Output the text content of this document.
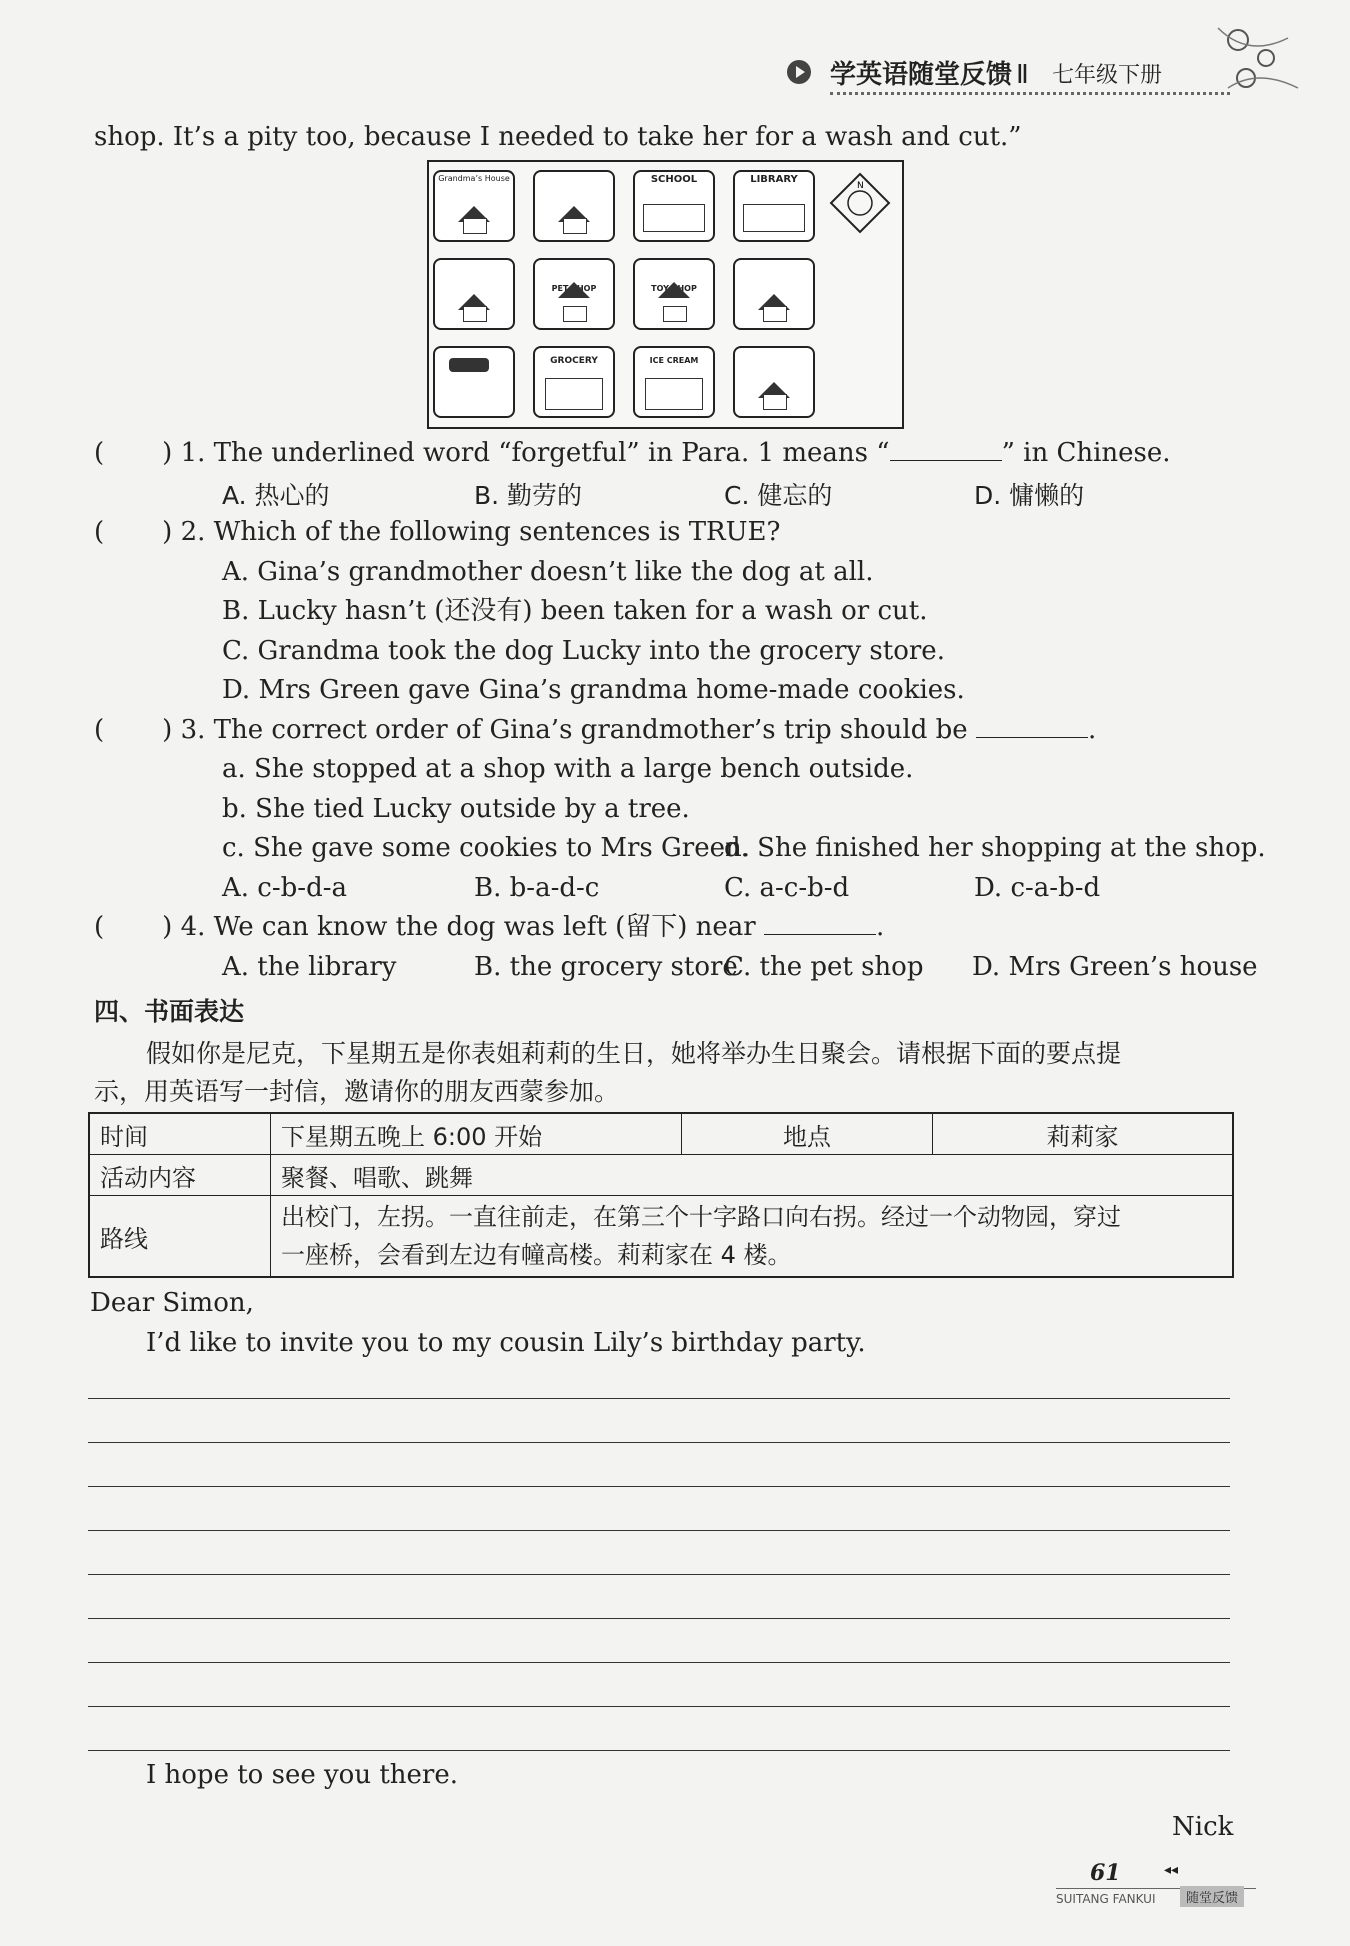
学英语随堂反馈 Ⅱ 七年级下册
shop. It’s a pity too, because I needed to take her for a wash and cut.”
Grandma’s House	SCHOOL	LIBRARY
N
PET SHOP	TOY SHOP
GROCERY	ICE CREAM
( ) 1. The underlined word “forgetful” in Para. 1 means “	” in Chinese.
A. 热心的	B. 勤劳的	C. 健忘的	D. 慵懒的
( ) 2. Which of the following sentences is TRUE?
A. Gina’s grandmother doesn’t like the dog at all.
B. Lucky hasn’t (还没有) been taken for a wash or cut.
C. Grandma took the dog Lucky into the grocery store.
D. Mrs Green gave Gina’s grandma home-made cookies.
( ) 3. The correct order of Gina’s grandmother’s trip should be	.
a. She stopped at a shop with a large bench outside.
b. She tied Lucky outside by a tree.
c. She gave some cookies to Mrs Green.
d. She finished her shopping at the shop.
A. c-b-d-a	B. b-a-d-c	C. a-c-b-d	D. c-a-b-d
( ) 4. We can know the dog was left (留下) near	.
A. the library	B. the grocery store
C. the pet shop D. Mrs Green’s house
四、书面表达
假如你是尼克，下星期五是你表姐莉莉的生日，她将举办生日聚会。请根据下面的要点提
示，用英语写一封信，邀请你的朋友西蒙参加。
时间	下星期五晚上 6:00 开始	地点	莉莉家
活动内容	聚餐、唱歌、跳舞		
路线	出校门，左拐。一直往前走，在第三个十字路口向右拐。经过一个动物园，穿过
一座桥，会看到左边有幢高楼。莉莉家在 4 楼。		
Dear Simon,
I’d like to invite you to my cousin Lily’s birthday party.
I hope to see you there.
Nick
61	◂◂
SUITANG FANKUI	随堂反馈
